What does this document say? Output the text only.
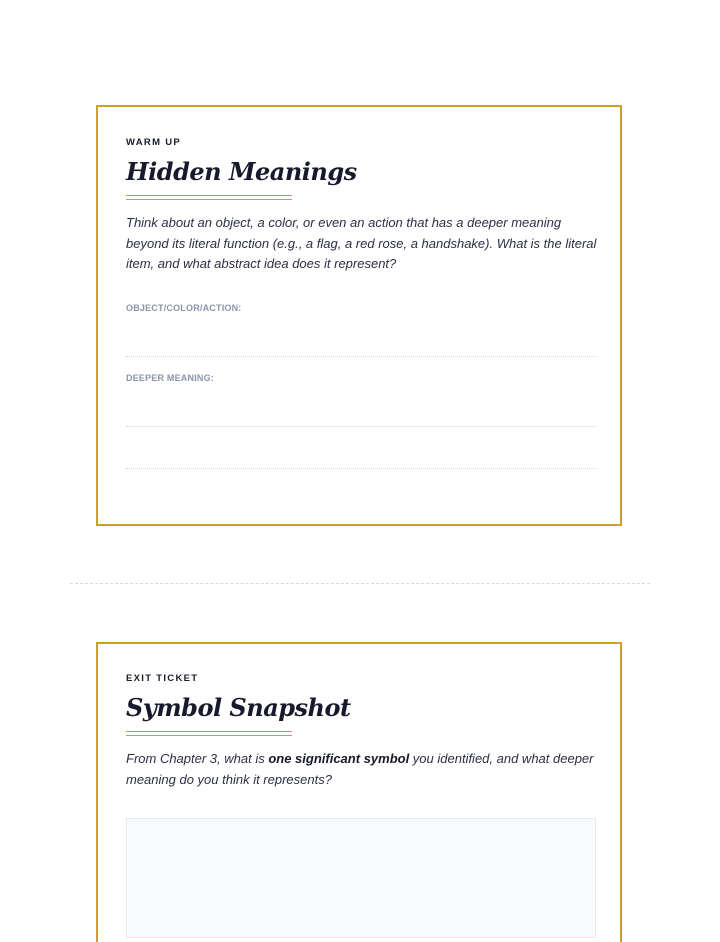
WARM UP
Hidden Meanings

Think about an object, a color, or even an action that has a deeper meaning beyond its literal function (e.g., a flag, a red rose, a handshake). What is the literal item, and what abstract idea does it represent?

OBJECT/COLOR/ACTION:
DEEPER MEANING:
EXIT TICKET
Symbol Snapshot

From Chapter 3, what is one significant symbol you identified, and what deeper meaning do you think it represents?
